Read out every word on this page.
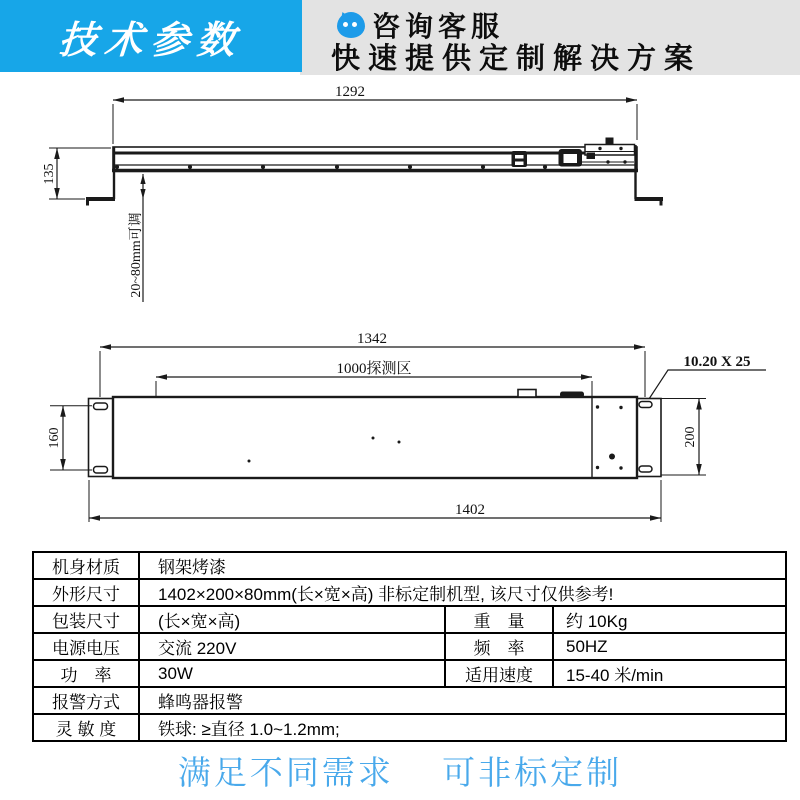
技术参数	咨询客服
快速提供定制解决方案
1292
135
20~80mm可调
1342
1000探测区	10.20 X 25
160	200
1402
机身材质	钢架烤漆		
外形尺寸	1402×200×80mm(长×宽×高) 非标定制机型, 该尺寸仅供参考!		
包装尺寸	(长×宽×高)	重　量	约 10Kg
电源电压	交流 220V	频　率	50HZ
功　率	30W	适用速度	15-40 米/min
报警方式	蜂鸣器报警		
灵 敏 度	铁球: ≥直径 1.0~1.2mm;		
满足不同需求　 可非标定制
